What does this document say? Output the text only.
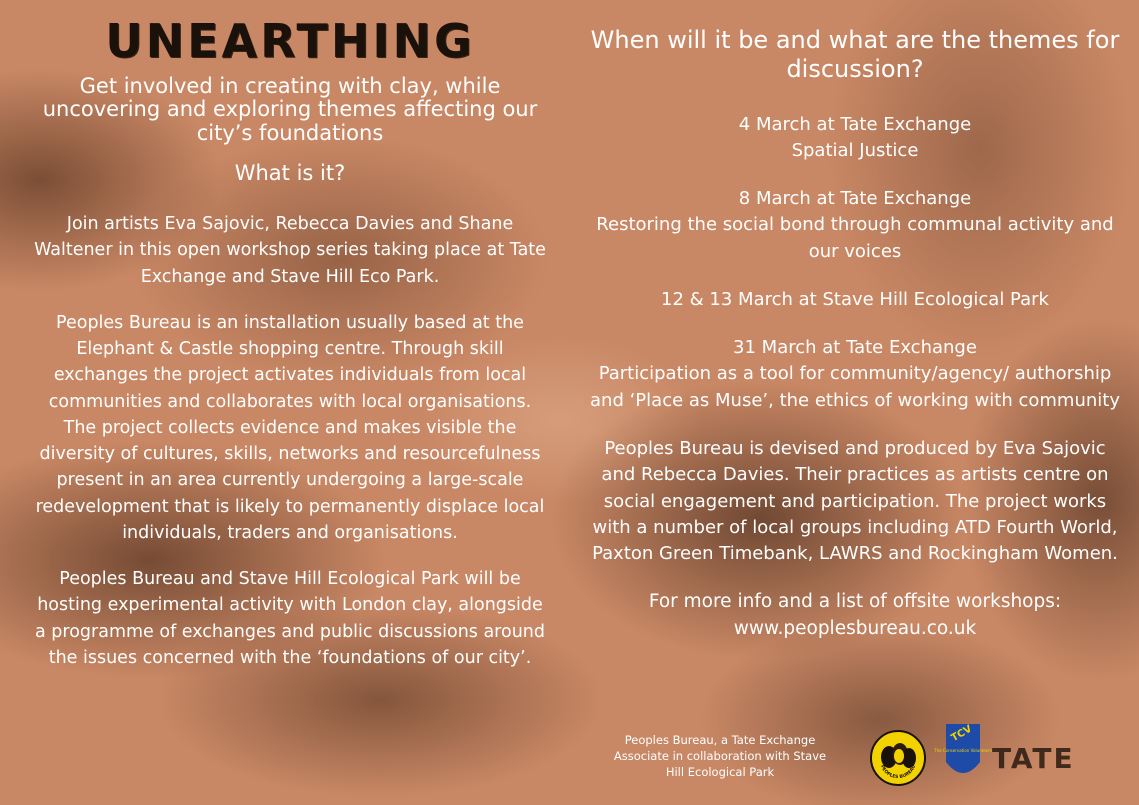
UNEARTHING

Get involved in creating with clay, while uncovering and exploring themes affecting our city’s foundations

What is it?

Join artists Eva Sajovic, Rebecca Davies and Shane Waltener in this open workshop series taking place at Tate Exchange and Stave Hill Eco Park.

Peoples Bureau is an installation usually based at the Elephant & Castle shopping centre. Through skill exchanges the project activates individuals from local communities and collaborates with local organisations. The project collects evidence and makes visible the diversity of cultures, skills, networks and resourcefulness present in an area currently undergoing a large-scale redevelopment that is likely to permanently displace local individuals, traders and organisations.

Peoples Bureau and Stave Hill Ecological Park will be hosting experimental activity with London clay, alongside a programme of exchanges and public discussions around the issues concerned with the ‘foundations of our city’.

When will it be and what are the themes for discussion?

4 March at Tate Exchange
Spatial Justice
8 March at Tate Exchange
Restoring the social bond through communal activity and our voices
12 & 13 March at Stave Hill Ecological Park
31 March at Tate Exchange
Participation as a tool for community/agency/ authorship and ‘Place as Muse’, the ethics of working with community

Peoples Bureau is devised and produced by Eva Sajovic and Rebecca Davies. Their practices as artists centre on social engagement and participation. The project works with a number of local groups including ATD Fourth World, Paxton Green Timebank, LAWRS and Rockingham Women.

For more info and a list of offsite workshops:
www.peoplesbureau.co.uk

Peoples Bureau, a Tate Exchange Associate in collaboration with Stave Hill Ecological Park	PEOPLES BUREAU
TCV
The Conservation Volunteers TATE
